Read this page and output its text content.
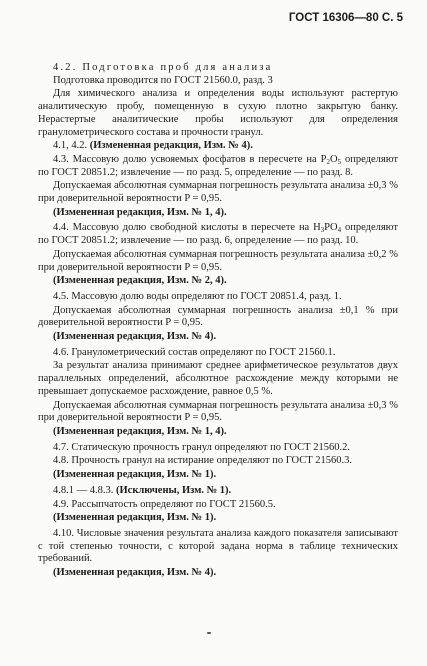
ГОСТ 16306—80 С. 5

4.2. Подготовка проб для анализа

Подготовка проводится по ГОСТ 21560.0, разд. 3

Для химического анализа и определения воды используют растертую аналитическую пробу, помещенную в сухую плотно закрытую банку. Нерастертые аналитические пробы используют для определения гранулометрического состава и прочности гранул.

4.1, 4.2. (Измененная редакция, Изм. № 4).

4.3. Массовую долю усвояемых фосфатов в пересчете на $P_2O_5$ определяют по ГОСТ 20851.2; извлечение — по разд. 5, определение — по разд. 8.

Допускаемая абсолютная суммарная погрешность результата анализа ±0,3 % при доверительной вероятности P = 0,95.

(Измененная редакция, Изм. № 1, 4).

4.4. Массовую долю свободной кислоты в пересчете на $H_3PO_4$ определяют по ГОСТ 20851.2; извлечение — по разд. 6, определение — по разд. 10.

Допускаемая абсолютная суммарная погрешность результата анализа ±0,2 % при доверительной вероятности P = 0,95.

(Измененная редакция, Изм. № 2, 4).

4.5. Массовую долю воды определяют по ГОСТ 20851.4, разд. 1.

Допускаемая абсолютная суммарная погрешность анализа ±0,1 % при доверительной вероятности P = 0,95.

(Измененная редакция, Изм. № 4).

4.6. Гранулометрический состав определяют по ГОСТ 21560.1.

За результат анализа принимают среднее арифметическое результатов двух параллельных определений, абсолютное расхождение между которыми не превышает допускаемое расхождение, равное 0,5 %.

Допускаемая абсолютная суммарная погрешность результата анализа ±0,3 % при доверительной вероятности P = 0,95.

(Измененная редакция, Изм. № 1, 4).

4.7. Статическую прочность гранул определяют по ГОСТ 21560.2.

4.8. Прочность гранул на истирание определяют по ГОСТ 21560.3.

(Измененная редакция, Изм. № 1).

4.8.1 — 4.8.3. (Исключены, Изм. № 1).

4.9. Рассыпчатость определяют по ГОСТ 21560.5.

(Измененная редакция, Изм. № 1).

4.10. Числовые значения результата анализа каждого показателя записывают с той степенью точности, с которой задана норма в таблице технических требований.

(Измененная редакция, Изм. № 4).
